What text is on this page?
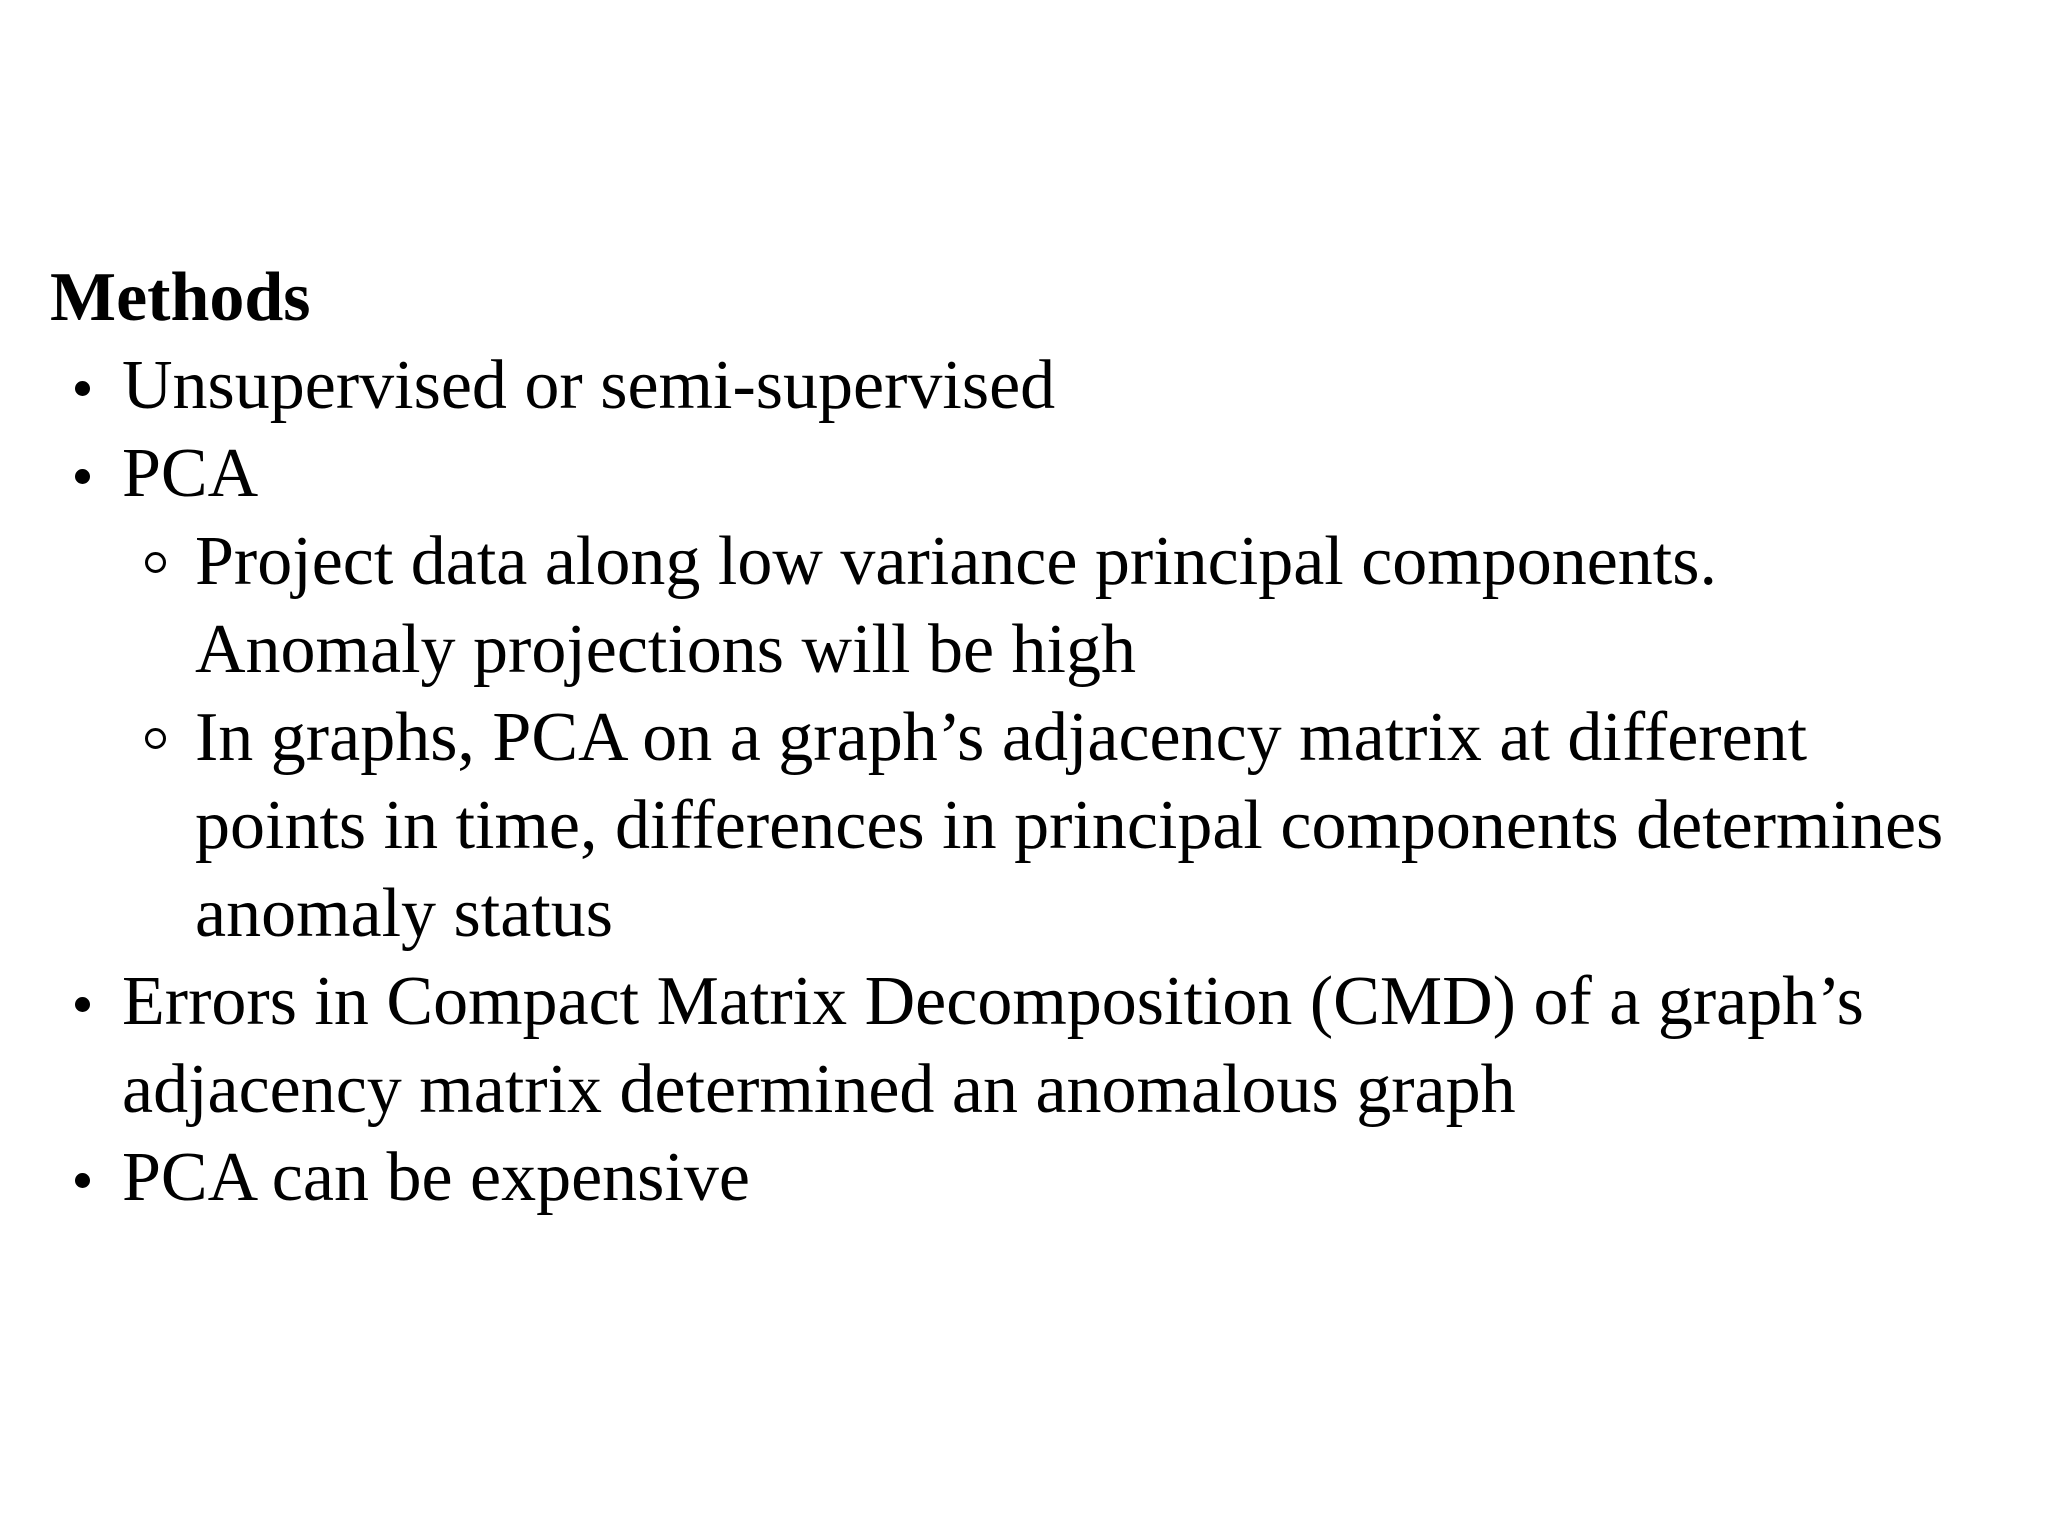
Methods
Unsupervised or semi-supervised
PCA
Project data along low variance principal components.
Anomaly projections will be high
In graphs, PCA on a graph’s adjacency matrix at different
points in time, differences in principal components determines
anomaly status
Errors in Compact Matrix Decomposition (CMD) of a graph’s
adjacency matrix determined an anomalous graph
PCA can be expensive
